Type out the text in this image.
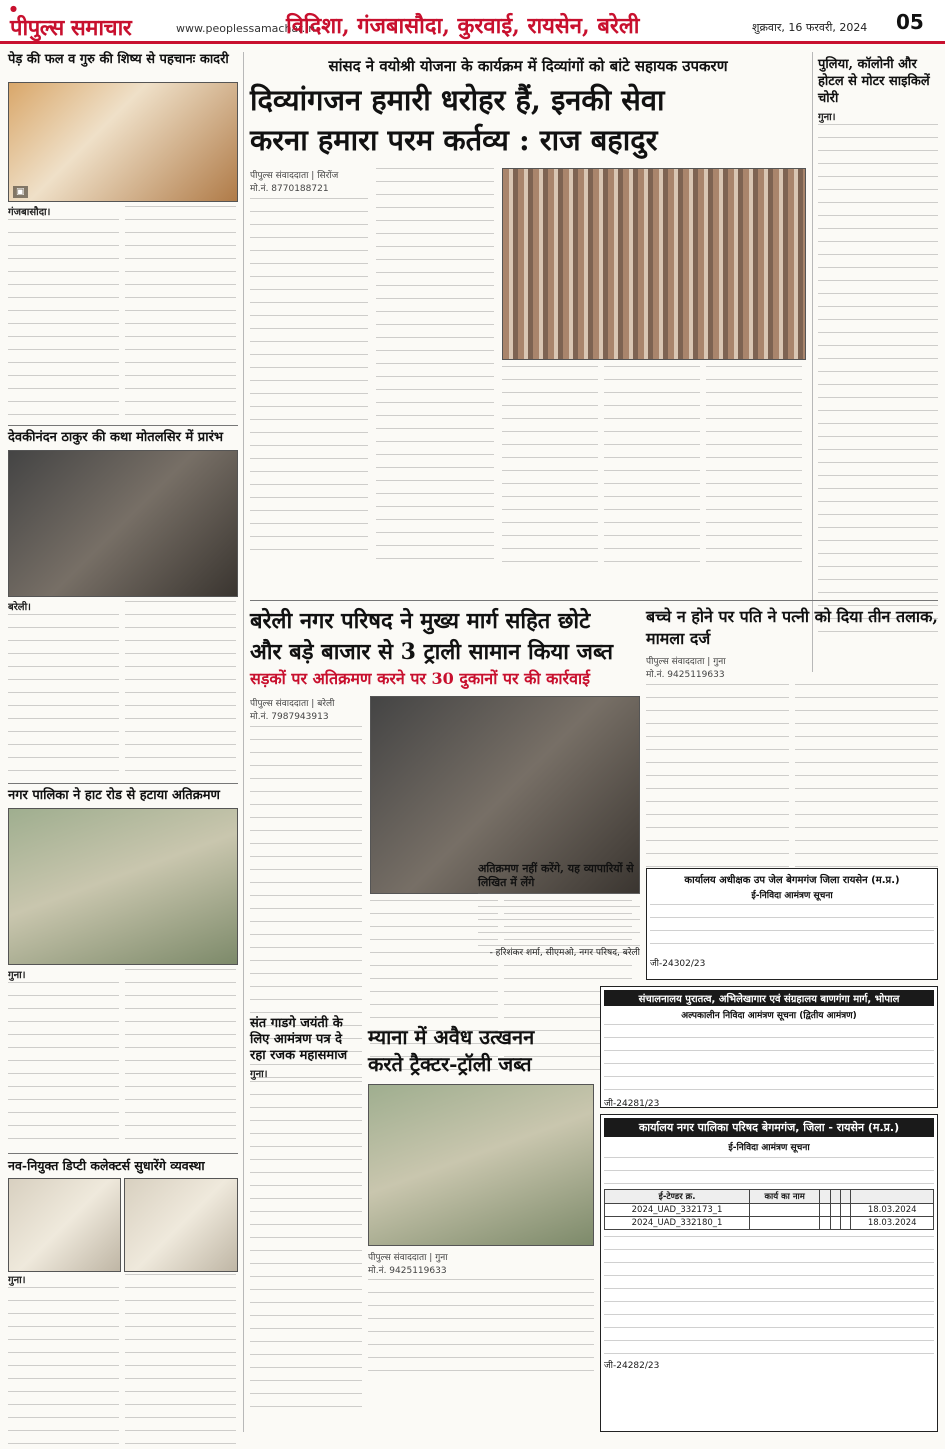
●
पीपुल्स समाचार	www.peoplessamachar.in
विदिशा, गंजबासौदा, कुरवाई, रायसेन, बरेली	शुक्रवार, 16 फरवरी, 2024 05
पेड़ की फल व गुरु की शिष्य से पहचानः कादरी
▣
गंजबासौदा।
देवकीनंदन ठाकुर की कथा मोतलसिर में प्रारंभ
बरेली।
नगर पालिका ने हाट रोड से हटाया अतिक्रमण
गुना।
नव-नियुक्त डिप्टी कलेक्टर्स सुधारेंगे व्यवस्था
गुना।
सांसद ने वयोश्री योजना के कार्यक्रम में दिव्यांगों को बांटे सहायक उपकरण
दिव्यांगजन हमारी धरोहर हैं, इनकी सेवा
करना हमारा परम कर्तव्य : राज बहादुर
पीपुल्स संवाददाता | सिरोंज
मो.नं. 8770188721
पुलिया, कॉलोनी और होटल से मोटर साइकिलें चोरी
गुना।
बरेली नगर परिषद ने मुख्य मार्ग सहित छोटे
और बड़े बाजार से 3 ट्राली सामान किया जब्त
सड़कों पर अतिक्रमण करने पर 30 दुकानों पर की कार्रवाई
पीपुल्स संवाददाता | बरेली
मो.नं. 7987943913
अतिक्रमण नहीं करेंगे, यह व्यापारियों से लिखित में लेंगे
- हरिशंकर शर्मा, सीएमओ, नगर परिषद, बरेली
बच्चे न होने पर पति ने पत्नी को दिया तीन तलाक, मामला दर्ज
पीपुल्स संवाददाता | गुना
मो.नं. 9425119633
कार्यालय अधीक्षक उप जेल बेगमगंज जिला रायसेन (म.प्र.)
ई-निविदा आमंत्रण सूचना
जी-24302/23
संत गाडगे जयंती के लिए आमंत्रण पत्र दे रहा रजक महासमाज
गुना।
म्याना में अवैध उत्खनन
करते ट्रैक्टर-ट्रॉली जब्त
पीपुल्स संवाददाता | गुना
मो.नं. 9425119633
संचालनालय पुरातत्व, अभिलेखागार एवं संग्रहालय बाणगंगा मार्ग, भोपाल
अल्पकालीन निविदा आमंत्रण सूचना (द्वितीय आमंत्रण)
जी-24281/23
कार्यालय नगर पालिका परिषद बेगमगंज, जिला - रायसेन (म.प्र.)
ई-निविदा आमंत्रण सूचना
ई-टेण्डर क्र.	कार्य का नाम				
2024_UAD_332173_1					18.03.2024
2024_UAD_332180_1					18.03.2024
जी-24282/23
